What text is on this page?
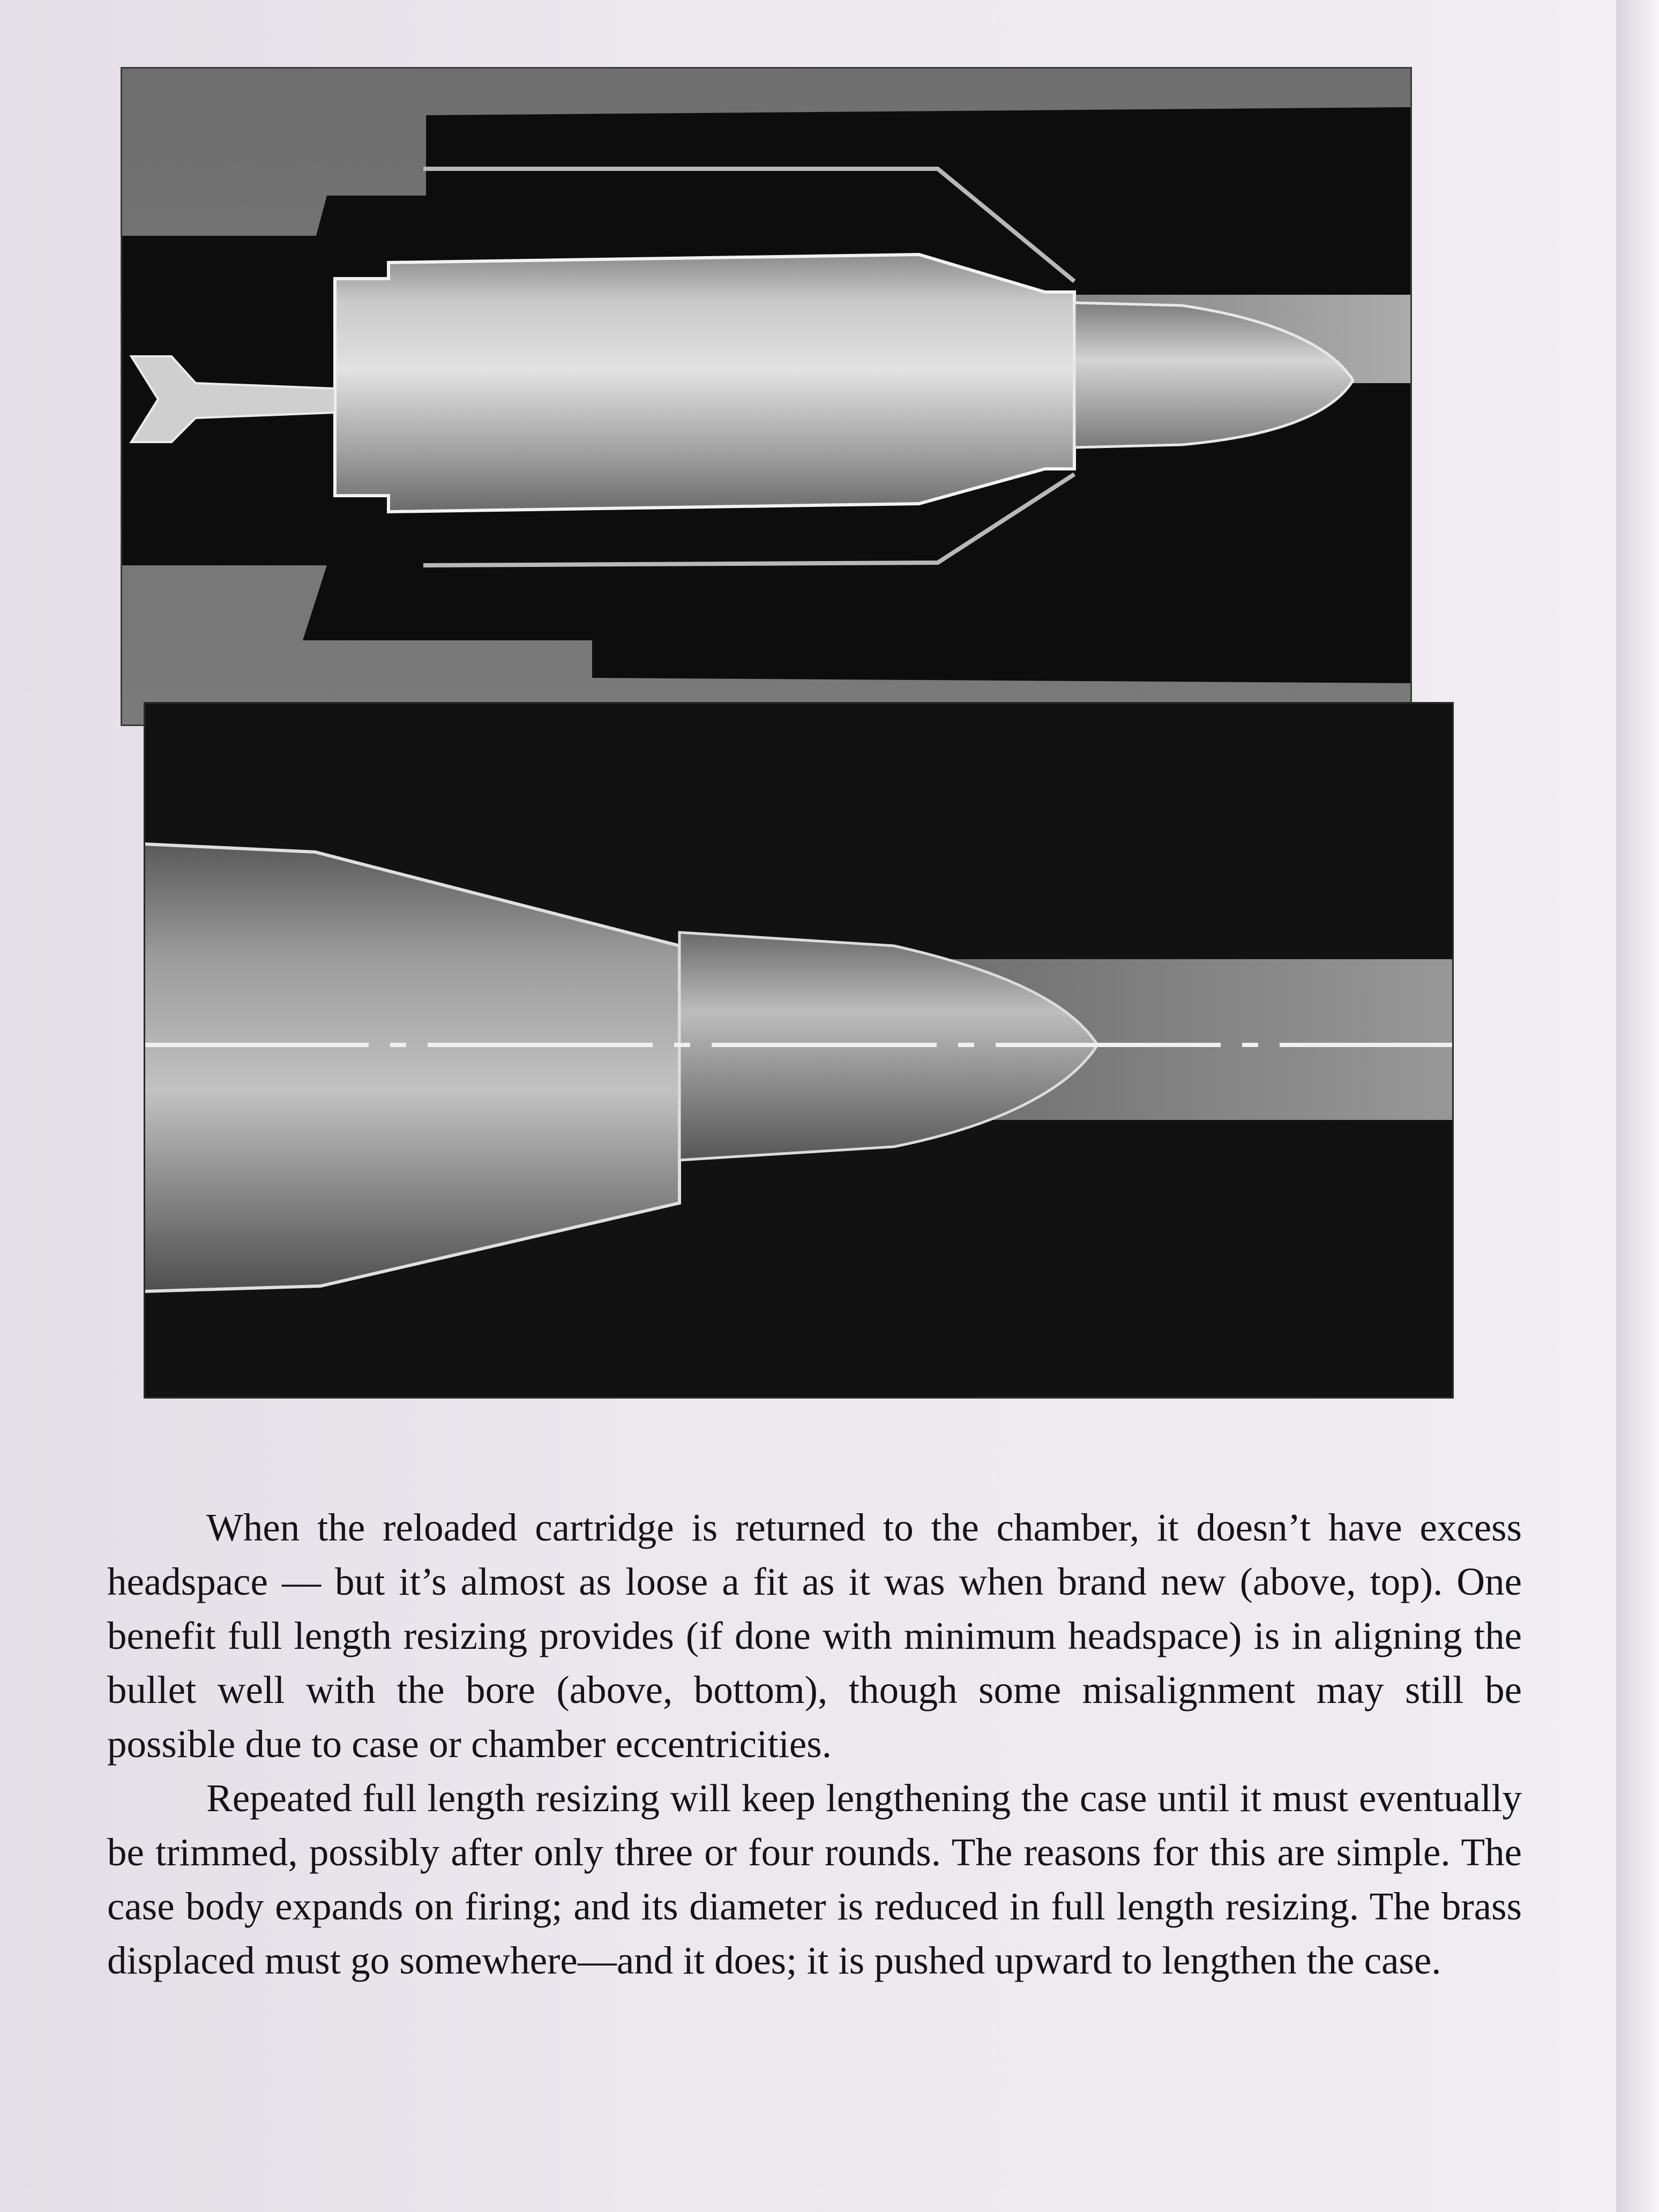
When the reloaded cartridge is returned to the chamber, it doesn’t have excess headspace — but it’s almost as loose a fit as it was when brand new (above, top). One benefit full length resizing provides (if done with minimum headspace) is in aligning the bullet well with the bore (above, bottom), though some misalignment may still be possible due to case or chamber eccentricities.

Repeated full length resizing will keep lengthening the case until it must eventually be trimmed, possibly after only three or four rounds. The reasons for this are simple. The case body expands on firing; and its diameter is reduced in full length resizing. The brass displaced must go somewhere—and it does; it is pushed upward to lengthen the case.
